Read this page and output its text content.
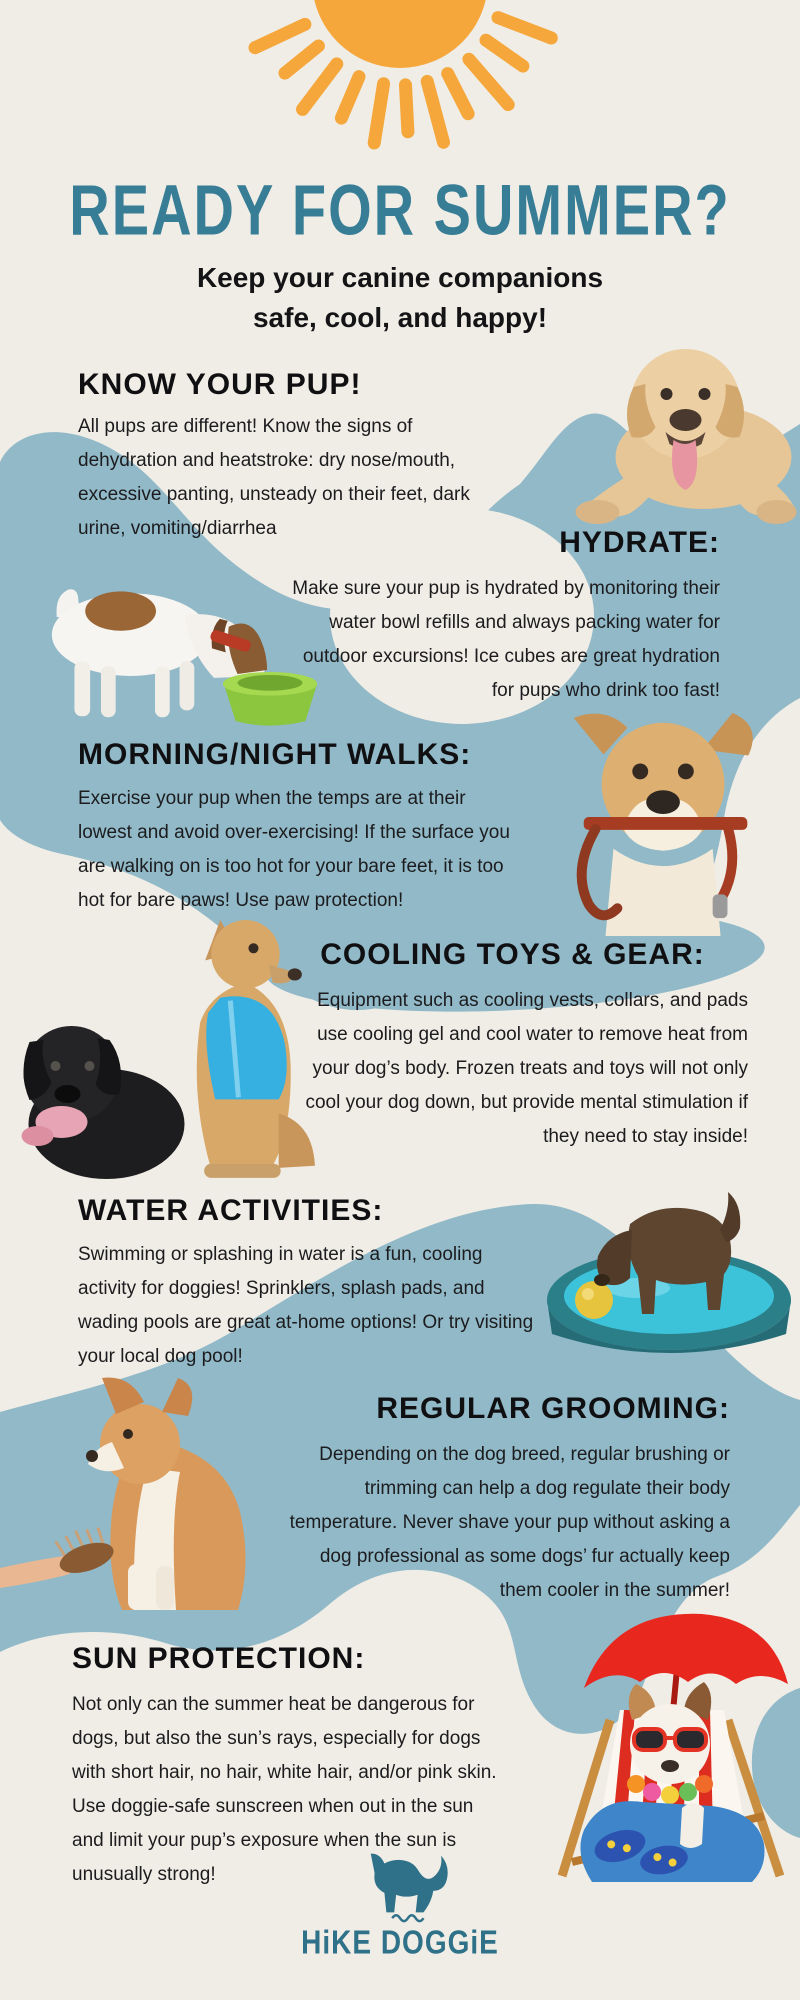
READY FOR SUMMER?
Keep your canine companions
safe, cool, and happy!
KNOW YOUR PUP!
All pups are different! Know the signs of dehydration and heatstroke: dry nose/mouth, excessive panting, unsteady on their feet, dark urine, vomiting/diarrhea	HYDRATE:
Make sure your pup is hydrated by monitoring their water bowl refills and always packing water for outdoor excursions! Ice cubes are great hydration for pups who drink too fast!
MORNING/NIGHT WALKS:
Exercise your pup when the temps are at their lowest and avoid over-exercising! If the surface you are walking on is too hot for your bare feet, it is too hot for bare paws! Use paw protection!
COOLING TOYS & GEAR:
Equipment such as cooling vests, collars, and pads use cooling gel and cool water to remove heat from your dog’s body. Frozen treats and toys will not only cool your dog down, but provide mental stimulation if they need to stay inside!
WATER ACTIVITIES:
Swimming or splashing in water is a fun, cooling activity for doggies! Sprinklers, splash pads, and wading pools are great at-home options! Or try visiting your local dog pool!
REGULAR GROOMING:
Depending on the dog breed, regular brushing or trimming can help a dog regulate their body temperature. Never shave your pup without asking a dog professional as some dogs’ fur actually keep them cooler in the summer!
SUN PROTECTION:
Not only can the summer heat be dangerous for dogs, but also the sun’s rays, especially for dogs with short hair, no hair, white hair, and/or pink skin. Use doggie-safe sunscreen when out in the sun and limit your pup’s exposure when the sun is unusually strong!
HiKE DOGGiE
